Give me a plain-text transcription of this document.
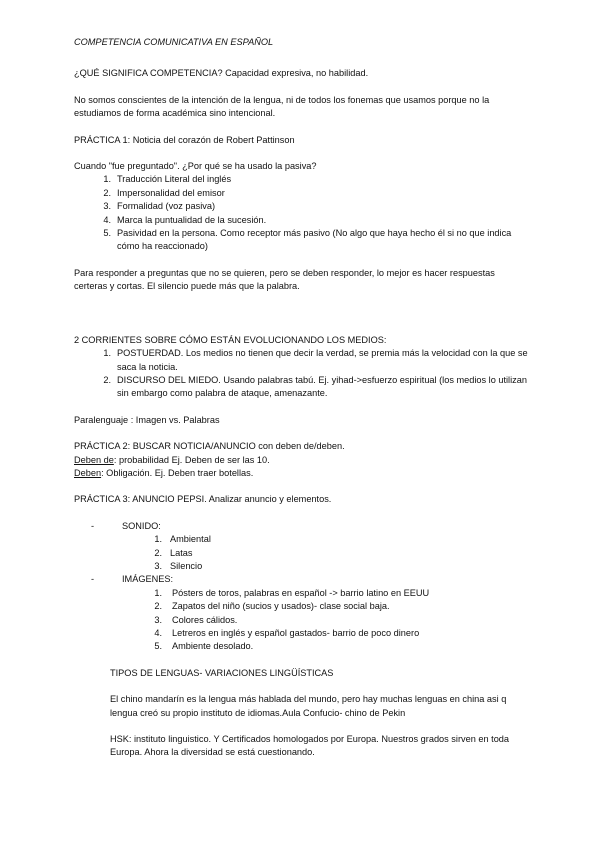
COMPETENCIA COMUNICATIVA EN ESPAÑOL

¿QUÉ SIGNIFICA COMPETENCIA? Capacidad expresiva, no habilidad.

No somos conscientes de la intención de la lengua, ni de todos los fonemas que usamos porque no la estudiamos de forma académica sino intencional.

PRÁCTICA 1: Noticia del corazón de Robert Pattinson

Cuando "fue preguntado". ¿Por qué se ha usado la pasiva?

1. Traducción Literal del inglés
2. Impersonalidad del emisor
3. Formalidad (voz pasiva)
4. Marca la puntualidad de la sucesión.
5. Pasividad en la persona. Como receptor más pasivo (No algo que haya hecho él si no que indica cómo ha reaccionado)

Para responder a preguntas que no se quieren, pero se deben responder, lo mejor es hacer respuestas certeras y cortas. El silencio puede más que la palabra.

2 CORRIENTES SOBRE CÓMO ESTÁN EVOLUCIONANDO LOS MEDIOS:

1. POSTUERDAD. Los medios no tienen que decir la verdad, se premia más la velocidad con la que se saca la noticia.
2. DISCURSO DEL MIEDO. Usando palabras tabú. Ej. yihad->esfuerzo espiritual (los medios lo utilizan sin embargo como palabra de ataque, amenazante.

Paralenguaje : Imagen vs. Palabras

PRÁCTICA 2: BUSCAR NOTICIA/ANUNCIO con deben de/deben.

Deben de: probabilidad Ej. Deben de ser las 10.

Deben: Obligación. Ej. Deben traer botellas.

PRÁCTICA 3: ANUNCIO PEPSI. Analizar anuncio y elementos.

-	SONIDO:
1. Ambiental
2. Latas
3. Silencio
-	IMÁGENES:
1. Pósters de toros, palabras en español -> barrio latino en EEUU
2. Zapatos del niño (sucios y usados)- clase social baja.
3. Colores cálidos.
4. Letreros en inglés y español gastados- barrio de poco dinero
5. Ambiente desolado.

TIPOS DE LENGUAS- VARIACIONES LINGÜÍSTICAS

El chino mandarín es la lengua más hablada del mundo, pero hay muchas lenguas en china asi q lengua creó su propio instituto de idiomas.Aula Confucio- chino de Pekin

HSK: instituto linguistico. Y Certificados homologados por Europa. Nuestros grados sirven en toda Europa. Ahora la diversidad se está cuestionando.
